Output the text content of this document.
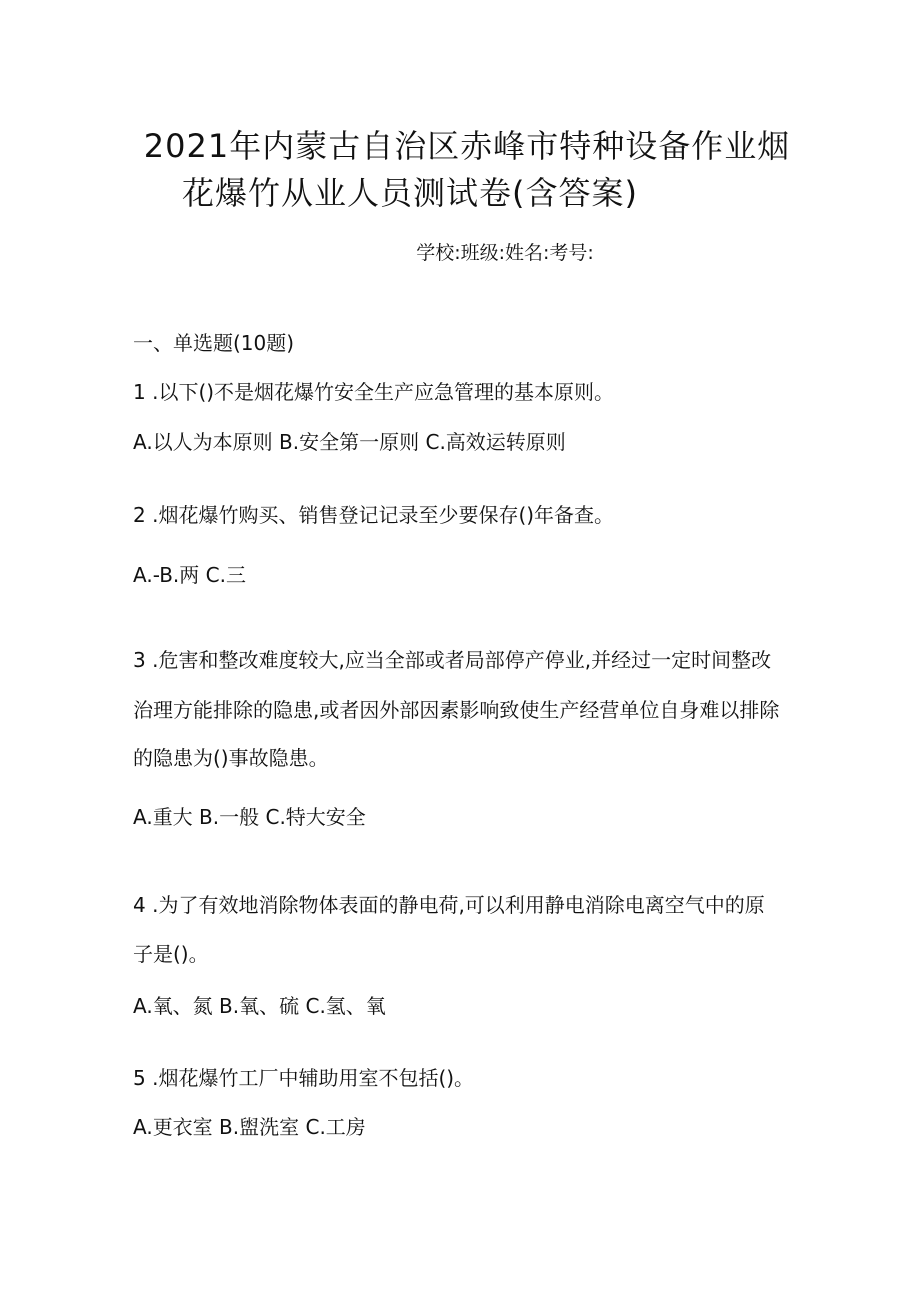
2021年内蒙古自治区赤峰市特种设备作业烟
花爆竹从业人员测试卷(含答案)
学校:班级:姓名:考号:
一、单选题(10题)
1 .以下()不是烟花爆竹安全生产应急管理的基本原则。
A.以人为本原则 B.安全第一原则 C.高效运转原则
2 .烟花爆竹购买、销售登记记录至少要保存()年备查。
A.-B.两 C.三
3 .危害和整改难度较大,应当全部或者局部停产停业,并经过一定时间整改
治理方能排除的隐患,或者因外部因素影响致使生产经营单位自身难以排除
的隐患为()事故隐患。
A.重大 B.一般 C.特大安全
4 .为了有效地消除物体表面的静电荷,可以利用静电消除电离空气中的原
子是()。
A.氧、氮 B.氧、硫 C.氢、氧
5 .烟花爆竹工厂中辅助用室不包括()。
A.更衣室 B.盥洗室 C.工房
